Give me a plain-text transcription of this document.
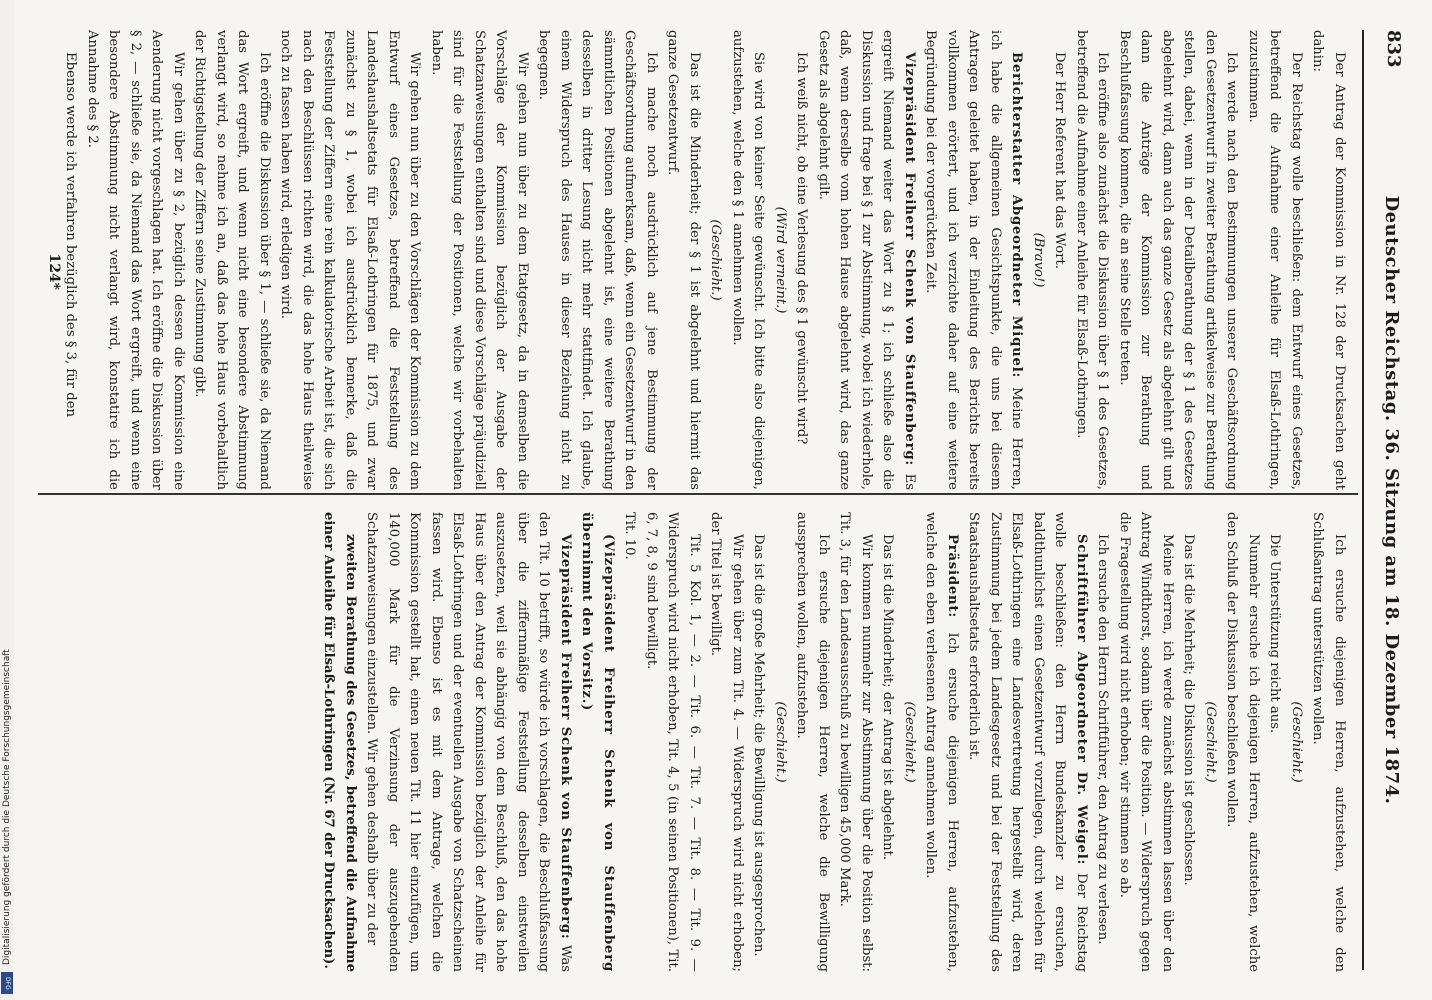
Deutscher Reichstag. 36. Sitzung am 18. Dezember 1874.

Der Antrag der Kommission in Nr. 128 der Drucksachen geht dahin:

Der Reichstag wolle beschließen: dem Entwurf eines Gesetzes, betreffend die Aufnahme einer Anleihe für Elsaß-Lothringen, zuzustimmen.

Ich werde nach den Bestimmungen unserer Geschäftsordnung den Gesetzentwurf in zweiter Berathung artikelweise zur Berathung stellen, dabei, wenn in der Detailberathung der § 1 des Gesetzes abgelehnt wird, dann auch das ganze Gesetz als abgelehnt gilt und dann die Anträge der Kommission zur Berathung und Beschlußfassung kommen, die an seine Stelle treten.

Ich eröffne also zunächst die Diskussion über § 1 des Gesetzes, betreffend die Aufnahme einer Anleihe für Elsaß-Lothringen.

Der Herr Referent hat das Wort.

(Bravo!)

Berichterstatter Abgeordneter Miquel: Meine Herren, ich habe die allgemeinen Gesichtspunkte, die uns bei diesem Antragen geleitet haben, in der Einleitung des Berichts bereits vollkommen erörtert, und ich verzichte daher auf eine weitere Begründung bei der vorgerückten Zeit.

Vizepräsident Freiherr Schenk von Stauffenberg: Es ergreift Niemand weiter das Wort zu § 1; ich schließe also die Diskussion und frage bei § 1 zur Abstimmung, wobei ich wiederhole, daß, wenn derselbe vom hohen Hause abgelehnt wird, das ganze Gesetz als abgelehnt gilt.

Ich weiß nicht, ob eine Verlesung des § 1 gewünscht wird?

(Wird verneint.)

Sie wird von keiner Seite gewünscht. Ich bitte also diejenigen, aufzustehen, welche den § 1 annehmen wollen.

(Geschieht.)

Das ist die Minderheit; der § 1 ist abgelehnt und hiermit das ganze Gesetzentwurf.

Ich mache noch ausdrücklich auf jene Bestimmung der Geschäftsordnung aufmerksam, daß, wenn ein Gesetzentwurf in den sämmtlichen Positionen abgelehnt ist, eine weitere Berathung desselben in dritter Lesung nicht mehr stattfindet. Ich glaube, einem Widerspruch des Hauses in dieser Beziehung nicht zu begegnen.

Wir gehen nun über zu dem Etatgesetz, da in demselben die Vorschläge der Kommission bezüglich der Ausgabe der Schatzanweisungen enthalten sind und diese Vorschläge präjudiziell sind für die Feststellung der Positionen, welche wir vorbehalten haben.

Wir gehen nun über zu den Vorschlägen der Kommission zu dem Entwurf eines Gesetzes, betreffend die Feststellung des Landeshaushaltsetats für Elsaß-Lothringen für 1875, und zwar zunächst zu § 1, wobei ich ausdrücklich bemerke, daß die Feststellung der Ziffern eine rein kalkulatorische Arbeit ist, die sich nach den Beschlüssen richten wird, die das hohe Haus theilweise noch zu fassen haben wird, erledigen wird.

Ich eröffne die Diskussion über § 1, — schließe sie, da Niemand das Wort ergreift, und wenn nicht eine besondere Abstimmung verlangt wird, so nehme ich an, daß das hohe Haus vorbehaltlich der Richtigstellung der Ziffern seine Zustimmung gibt.

Wir gehen über zu § 2, bezüglich dessen die Kommission eine Aenderung nicht vorgeschlagen hat. Ich eröffne die Diskussion über § 2, — schließe sie, da Niemand das Wort ergreift, und wenn eine besondere Abstimmung nicht verlangt wird, konstatire ich die Annahme des § 2.

Ebenso werde ich verfahren bezüglich des § 3, für den

Ich ersuche diejenigen Herren, aufzustehen, welche den Schlußantrag unterstützen wollen.

(Geschieht.)

Die Unterstützung reicht aus.

Nunmehr ersuche ich diejenigen Herren, aufzustehen, welche den Schluß der Diskussion beschließen wollen.

(Geschieht.)

Das ist die Mehrheit; die Diskussion ist geschlossen.

Meine Herren, ich werde zunächst abstimmen lassen über den Antrag Windthorst, sodann über die Position. — Widerspruch gegen die Fragestellung wird nicht erhoben; wir stimmen so ab.

Ich ersuche den Herrn Schriftführer, den Antrag zu verlesen.

Schriftführer Abgeordneter Dr. Weigel: Der Reichstag wolle beschließen: den Herrn Bundeskanzler zu ersuchen, baldthunlichst einen Gesetzentwurf vorzulegen, durch welchen für Elsaß-Lothringen eine Landesvertretung hergestellt wird, deren Zustimmung bei jedem Landesgesetz und bei der Feststellung des Staatshaushaltsetats erforderlich ist.

Präsident: Ich ersuche diejenigen Herren, aufzustehen, welche den eben verlesenen Antrag annehmen wollen.

(Geschieht.)

Das ist die Minderheit; der Antrag ist abgelehnt.

Wir kommen nunmehr zur Abstimmung über die Position selbst: Tit. 3, für den Landesausschuß zu bewilligen 45,000 Mark.

Ich ersuche diejenigen Herren, welche die Bewilligung aussprechen wollen, aufzustehen.

(Geschieht.)

Das ist die große Mehrheit; die Bewilligung ist ausgesprochen.

Wir gehen über zum Tit. 4. — Widerspruch wird nicht erhoben; der Titel ist bewilligt.

Tit. 5 Kol. 1, — 2. — Tit. 6. — Tit. 7. — Tit. 8. — Tit. 9. — Widerspruch wird nicht erhoben, Tit. 4, 5 (in seinen Positionen), Tit. 6, 7, 8, 9 sind bewilligt.

Tit. 10.

(Vizepräsident Freiherr Schenk von Stauffenberg übernimmt den Vorsitz.)

Vizepräsident Freiherr Schenk von Stauffenberg: Was den Tit. 10 betrifft, so würde ich vorschlagen, die Beschlußfassung über die ziffernmäßige Feststellung desselben einstweilen auszusetzen, weil sie abhängig von dem Beschluß, den das hohe Haus über den Antrag der Kommission bezüglich der Anleihe für Elsaß-Lothringen und der eventuellen Ausgabe von Schatzscheinen fassen wird. Ebenso ist es mit dem Antrage, welchen die Kommission gestellt hat, einen neuen Tit. 11 hier einzufügen, um 140,000 Mark für die Verzinsung der auszugebenden Schatzanweisungen einzustellen. Wir gehen deshalb über zu der

zweiten Berathung des Gesetzes, betreffend die Aufnahme einer Anleihe für Elsaß-Lothringen (Nr. 67 der Drucksachen).

124*
833
Digitalisierung gefördert durch die Deutsche Forschungsgemeinschaft
DFG
